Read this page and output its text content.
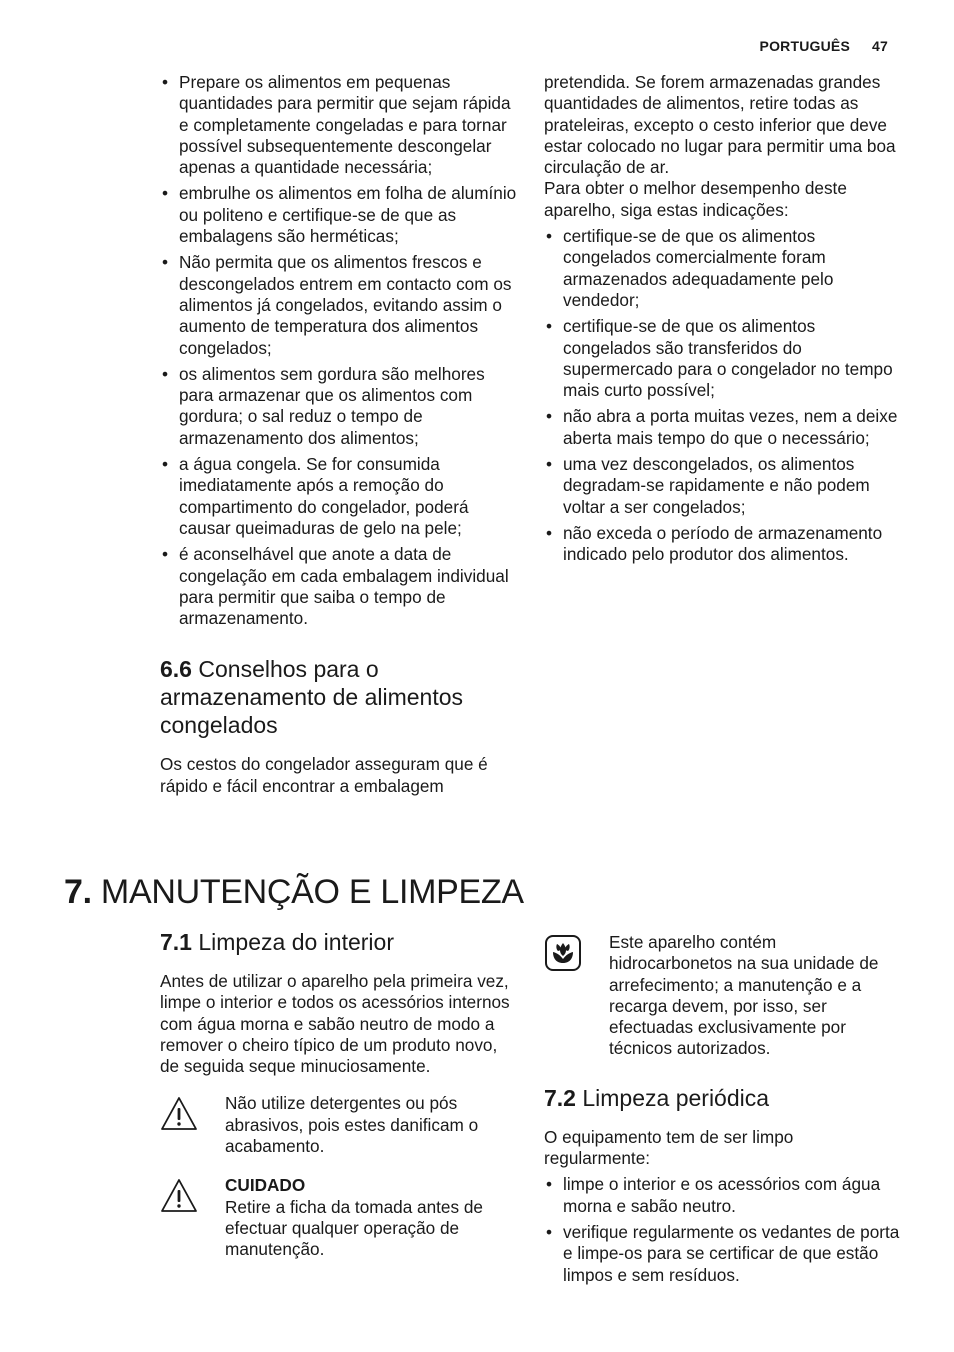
PORTUGUÊS 47
• Prepare os alimentos em pequenas quantidades para permitir que sejam rápida e completamente congeladas e para tornar possível subsequentemente descongelar apenas a quantidade necessária;
• embrulhe os alimentos em folha de alumínio ou politeno e certifique-se de que as embalagens são herméticas;
• Não permita que os alimentos frescos e descongelados entrem em contacto com os alimentos já congelados, evitando assim o aumento de temperatura dos alimentos congelados;
• os alimentos sem gordura são melhores para armazenar que os alimentos com gordura; o sal reduz o tempo de armazenamento dos alimentos;
• a água congela. Se for consumida imediatamente após a remoção do compartimento do congelador, poderá causar queimaduras de gelo na pele;
• é aconselhável que anote a data de congelação em cada embalagem individual para permitir que saiba o tempo de armazenamento.
6.6 Conselhos para o armazenamento de alimentos congelados

Os cestos do congelador asseguram que é rápido e fácil encontrar a embalagem

pretendida. Se forem armazenadas grandes quantidades de alimentos, retire todas as prateleiras, excepto o cesto inferior que deve estar colocado no lugar para permitir uma boa circulação de ar.

Para obter o melhor desempenho deste aparelho, siga estas indicações:

• certifique-se de que os alimentos congelados comercialmente foram armazenados adequadamente pelo vendedor;
• certifique-se de que os alimentos congelados são transferidos do supermercado para o congelador no tempo mais curto possível;
• não abra a porta muitas vezes, nem a deixe aberta mais tempo do que o necessário;
• uma vez descongelados, os alimentos degradam-se rapidamente e não podem voltar a ser congelados;
• não exceda o período de armazenamento indicado pelo produtor dos alimentos.
7. MANUTENÇÃO E LIMPEZA
7.1 Limpeza do interior

Antes de utilizar o aparelho pela primeira vez, limpe o interior e todos os acessórios internos com água morna e sabão neutro de modo a remover o cheiro típico de um produto novo, de seguida seque minuciosamente.

Não utilize detergentes ou pós abrasivos, pois estes danificam o acabamento.
CUIDADO
Retire a ficha da tomada antes de efectuar qualquer operação de manutenção.
Este aparelho contém hidrocarbonetos na sua unidade de arrefecimento; a manutenção e a recarga devem, por isso, ser efectuadas exclusivamente por técnicos autorizados.
7.2 Limpeza periódica

O equipamento tem de ser limpo regularmente:

• limpe o interior e os acessórios com água morna e sabão neutro.
• verifique regularmente os vedantes de porta e limpe-os para se certificar de que estão limpos e sem resíduos.
